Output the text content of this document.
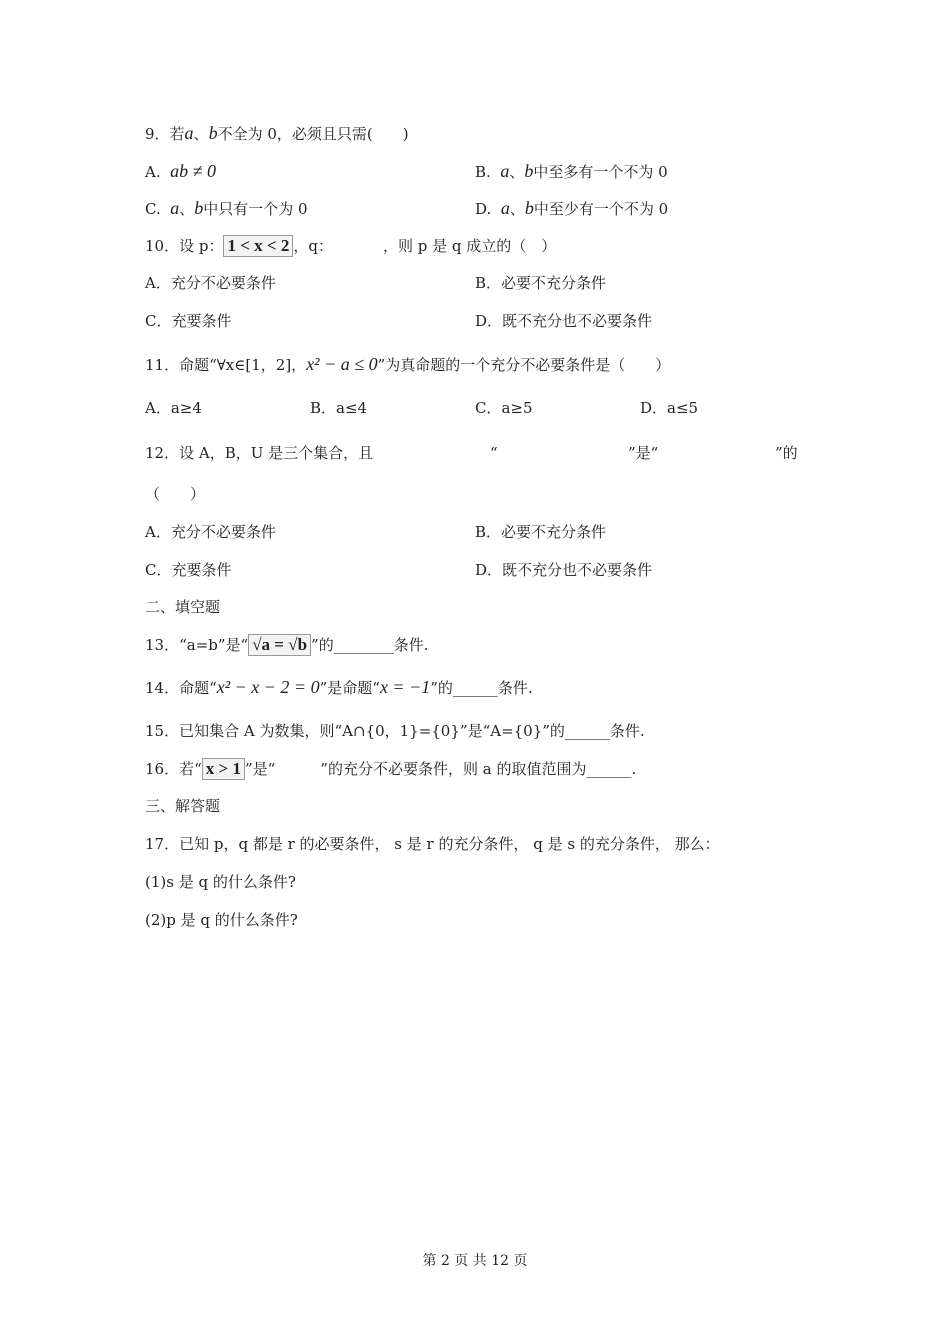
9．若a、b不全为 0，必须且只需(　　)
A. ab ≠ 0	B. a、b中至多有一个不为 0
C. a、b中只有一个为 0	D. a、b中至少有一个不为 0
10．设 p： 1 < x < 2 ，q：	，则 p 是 q 成立的（　）
A．充分不必要条件	B．必要不充分条件
C．充要条件	D．既不充分也不必要条件
11．命题“∀x∈[1，2]，x² − a ≤ 0”为真命题的一个充分不必要条件是（　　）
A．a≥4	B．a≤4	C．a≥5	D．a≤5
12．设 A，B，U 是三个集合，且	“	”是“	”的
（　　）
A．充分不必要条件	B．必要不充分条件
C．充要条件	D．既不充分也不必要条件
二、填空题
13．“a=b”是“ √a = √b ”的________条件.
14．命题“x² − x − 2 = 0”是命题“x = −1”的______条件.
15．已知集合 A 为数集，则“A∩{0，1}={0}”是“A={0}”的______条件.
16．若“ x > 1 ”是“　　　”的充分不必要条件，则 a 的取值范围为______.
三、解答题
17．已知 p，q 都是 r 的必要条件， s 是 r 的充分条件， q 是 s 的充分条件， 那么：
(1)s 是 q 的什么条件?
(2)p 是 q 的什么条件?
第 2 页 共 12 页
